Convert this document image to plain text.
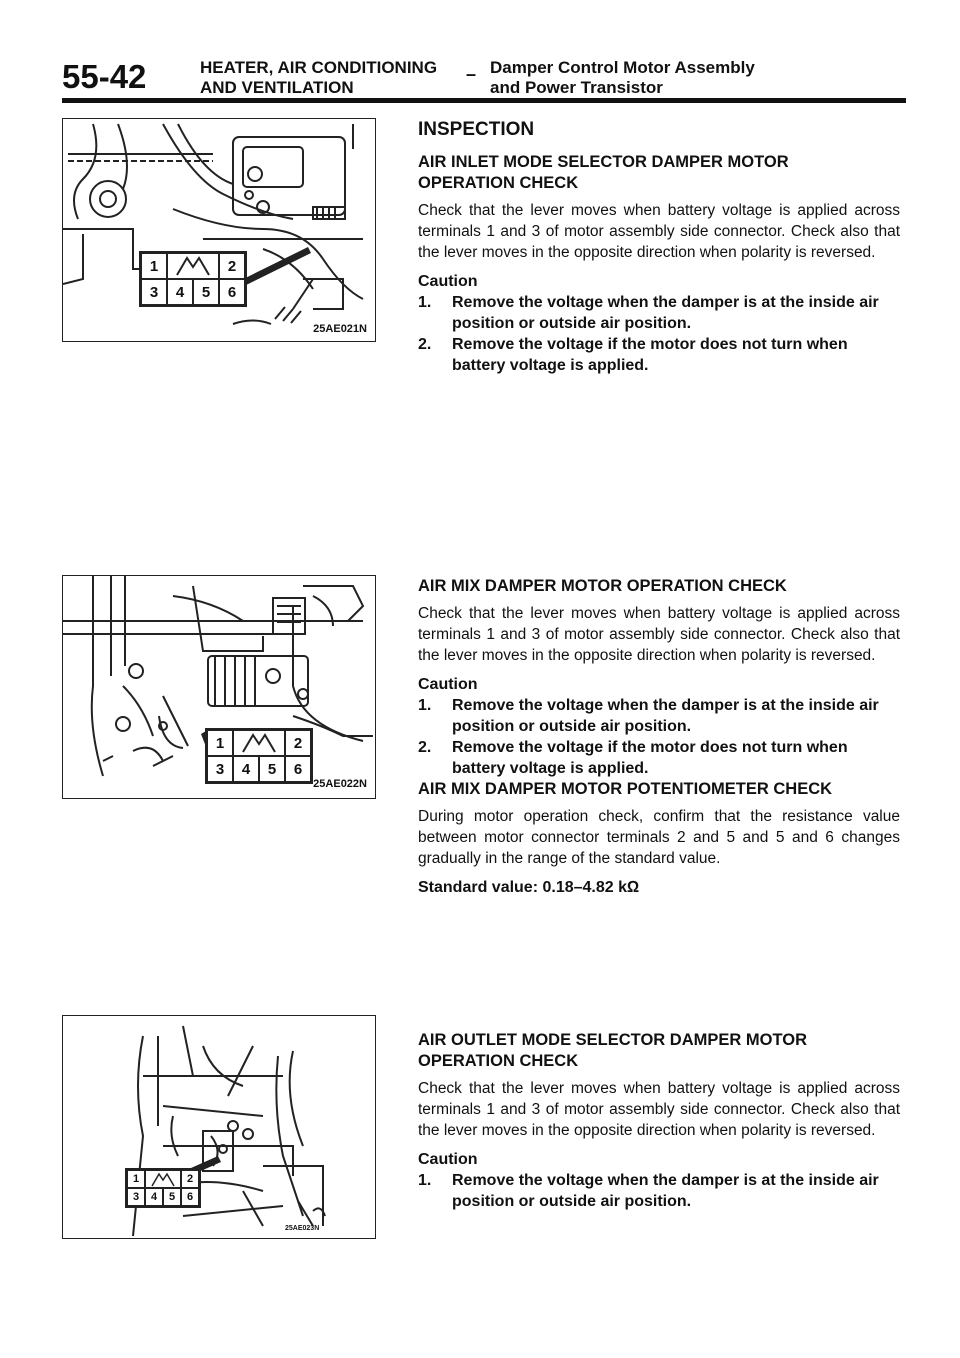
55-42	HEATER, AIR CONDITIONING
AND VENTILATION
– Damper Control Motor Assembly
and Power Transistor
1	2
3	4	5	6
25AE021N
1	2
3	4	5	6
25AE022N
1	2
3	4	5	6
25AE023N
INSPECTION
AIR INLET MODE SELECTOR DAMPER MOTOR
OPERATION CHECK
Check that the lever moves when battery voltage is applied across terminals 1 and 3 of motor assembly side connector. Check also that the lever moves in the opposite direction when polarity is reversed.
Caution
1.	Remove the voltage when the damper is at the inside air position or outside air position.
2.	Remove the voltage if the motor does not turn when battery voltage is applied.
AIR MIX DAMPER MOTOR OPERATION CHECK
Check that the lever moves when battery voltage is applied across terminals 1 and 3 of motor assembly side connector. Check also that the lever moves in the opposite direction when polarity is reversed.
Caution
1.	Remove the voltage when the damper is at the inside air position or outside air position.
2.	Remove the voltage if the motor does not turn when battery voltage is applied.
AIR MIX DAMPER MOTOR POTENTIOMETER CHECK
During motor operation check, confirm that the resistance value between motor connector terminals 2 and 5 and 5 and 6 changes gradually in the range of the standard value.
Standard value: 0.18–4.82 kΩ
AIR OUTLET MODE SELECTOR DAMPER MOTOR
OPERATION CHECK
Check that the lever moves when battery voltage is applied across terminals 1 and 3 of motor assembly side connector. Check also that the lever moves in the opposite direction when polarity is reversed.
Caution
1.	Remove the voltage when the damper is at the inside air position or outside air position.
